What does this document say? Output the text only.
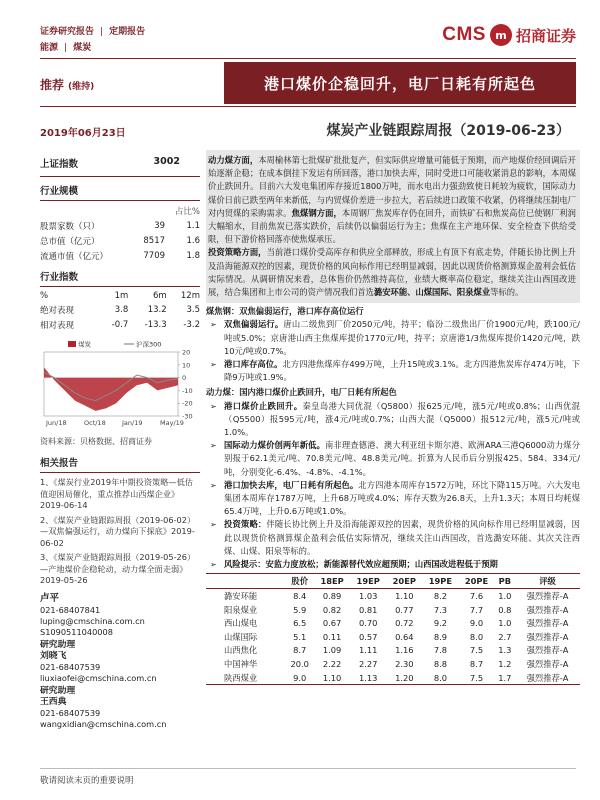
证券研究报告 | 定期报告
能源 | 煤炭
CMS m 招商证券
推荐 (维持)	港口煤价企稳回升，电厂日耗有所起色
2019年06月23日	煤炭产业链跟踪周报（2019-06-23）
上证指数	3002
行业规模
		占比%
股票家数（只）	39	1.1
总市值（亿元）	8517	1.6
流通市值（亿元）	7709	1.8
行业指数
%	1m	6m	12m
绝对表现	3.8	13.2	3.5
相对表现	-0.7	-13.3	-3.2
20
10
0
-10
-20
-30
Jun/18	Oct/18	Jan/19	May/19
煤炭	沪深300
资料来源：贝格数据、招商证券
相关报告
1、《煤炭行业2019年中期投资策略—低估值迎困局催化，重点推荐山西煤企业》2019-06-14
2、《煤炭产业链跟踪周报（2019-06-02）—双焦偏强运行，动力煤向下探底》2019-06-02
3、《煤炭产业链跟踪周报（2019-05-26）—产地煤价企稳轮动，动力煤全面走弱》2019-05-26
卢平
021-68407841
luping@cmschina.com.cn
S1090511040008
研究助理
刘晓飞
021-68407539
liuxiaofei@cmschina.com.cn
研究助理
王西典
021-68407539
wangxidian@cmschina.com.cn
动力煤方面，本周榆林第七批煤矿批批复产，但实际供应增量可能低于预期，而产地煤价经回调后开始逐渐企稳；在成本倒挂下发运有所回落，港口加快去库，同时受进口可能收紧消息的影响，本周煤价止跌回升。目前六大发电集团库存接近1800万吨，而水电出力强劲致使日耗较为疲软，国际动力煤价日前已跌至两年来新低，与内贸煤价差进一步拉大，若后续进口政策不收紧，仍将继续压制电厂对内贸煤的采购需求。焦煤钢方面，本周钢厂焦炭库存仍在回升，而铁矿石和焦炭高位已使钢厂利润大幅缩水，目前焦炭已落实跌价，后续仍以偏弱运行为主；焦煤在主产地环保、安全检查下供给受限，但下游价格回落亦使焦煤承压。
投资策略方面，当前港口煤价受高库存和供应全部释放，形成上有顶下有底走势，伴随长协比例上升及沿海能源双控的因素，现货价格的风向标作用已经明显减弱，因此以现货价格测算煤企盈利会低估实际情况。从调研情况来看，总体售价仍然维持高位，业绩大概率高位稳定，继续关注山西国改进展，结合集团和上市公司的资产情况我们首选潞安环能、山煤国际、阳泉煤业等标的。
煤焦钢：双焦偏弱运行，港口库存高位运行
➢ 双焦偏弱运行。唐山二级焦到厂价2050元/吨，持平；临汾二级焦出厂价1900元/吨，跌100元/吨或5.0%；京唐港山西主焦煤库提价1770元/吨，持平；京唐港1/3焦煤库提价1420元/吨，跌10元/吨或0.7%。
➢ 港口库存高位。北方四港焦煤库存499万吨，上升15吨或3.1%。北方四港焦炭库存474万吨，下降9万吨或1.9%。
动力煤：国内港口煤价止跌回升，电厂日耗有所起色
➢ 港口煤价止跌回升。秦皇岛港大同优混（Q5800）报625元/吨，涨5元/吨或0.8%；山西优混（Q5500）报595元/吨，涨4元/吨或0.7%；山西大混（Q5000）报512元/吨，涨5元/吨或1.0%。
➢ 国际动力煤价创两年新低。南非理查德港、澳大利亚纽卡斯尔港、欧洲ARA三港Q6000动力煤分别报于62.1美元/吨、70.8美元/吨、48.8美元/吨。折算为人民币后分别报425、584、334元/吨，分别变化-6.4%、-4.8%、-4.1%。
➢ 港口加快去库，电厂日耗有所起色。北方四港本周库存1572万吨，环比下降115万吨。六大发电集团本周库存1787万吨，上升68万吨或4.0%；库存天数为26.8天，上升1.3天；本周日均耗煤65.4万吨，上升0.6万吨或1.0%。
➢ 投资策略：伴随长协比例上升及沿海能源双控的因素，现货价格的风向标作用已经明显减弱，因此以现货价格测算煤企盈利会低估实际情况，继续关注山西国改，首选潞安环能、其次关注西煤、山煤、阳泉等标的。
➢ 风险提示：安监力度放松；新能源替代效应超预期；山西国改进程低于预期
	股价	18EP	19EP	20EP	19PE	20PE	PB	评级
潞安环能	8.4	0.89	1.03	1.10	8.2	7.6	1.0	强烈推荐-A
阳泉煤业	5.9	0.82	0.81	0.77	7.3	7.7	0.8	强烈推荐-A
西山煤电	6.5	0.67	0.70	0.72	9.2	9.0	1.0	强烈推荐-A
山煤国际	5.1	0.11	0.57	0.64	8.9	8.0	2.7	强烈推荐-A
山西焦化	8.7	1.09	1.11	1.16	7.8	7.5	1.3	强烈推荐-A
中国神华	20.0	2.22	2.27	2.30	8.8	8.7	1.2	强烈推荐-A
陕西煤业	9.0	1.10	1.13	1.20	8.0	7.5	1.7	强烈推荐-A
敬请阅读末页的重要说明
